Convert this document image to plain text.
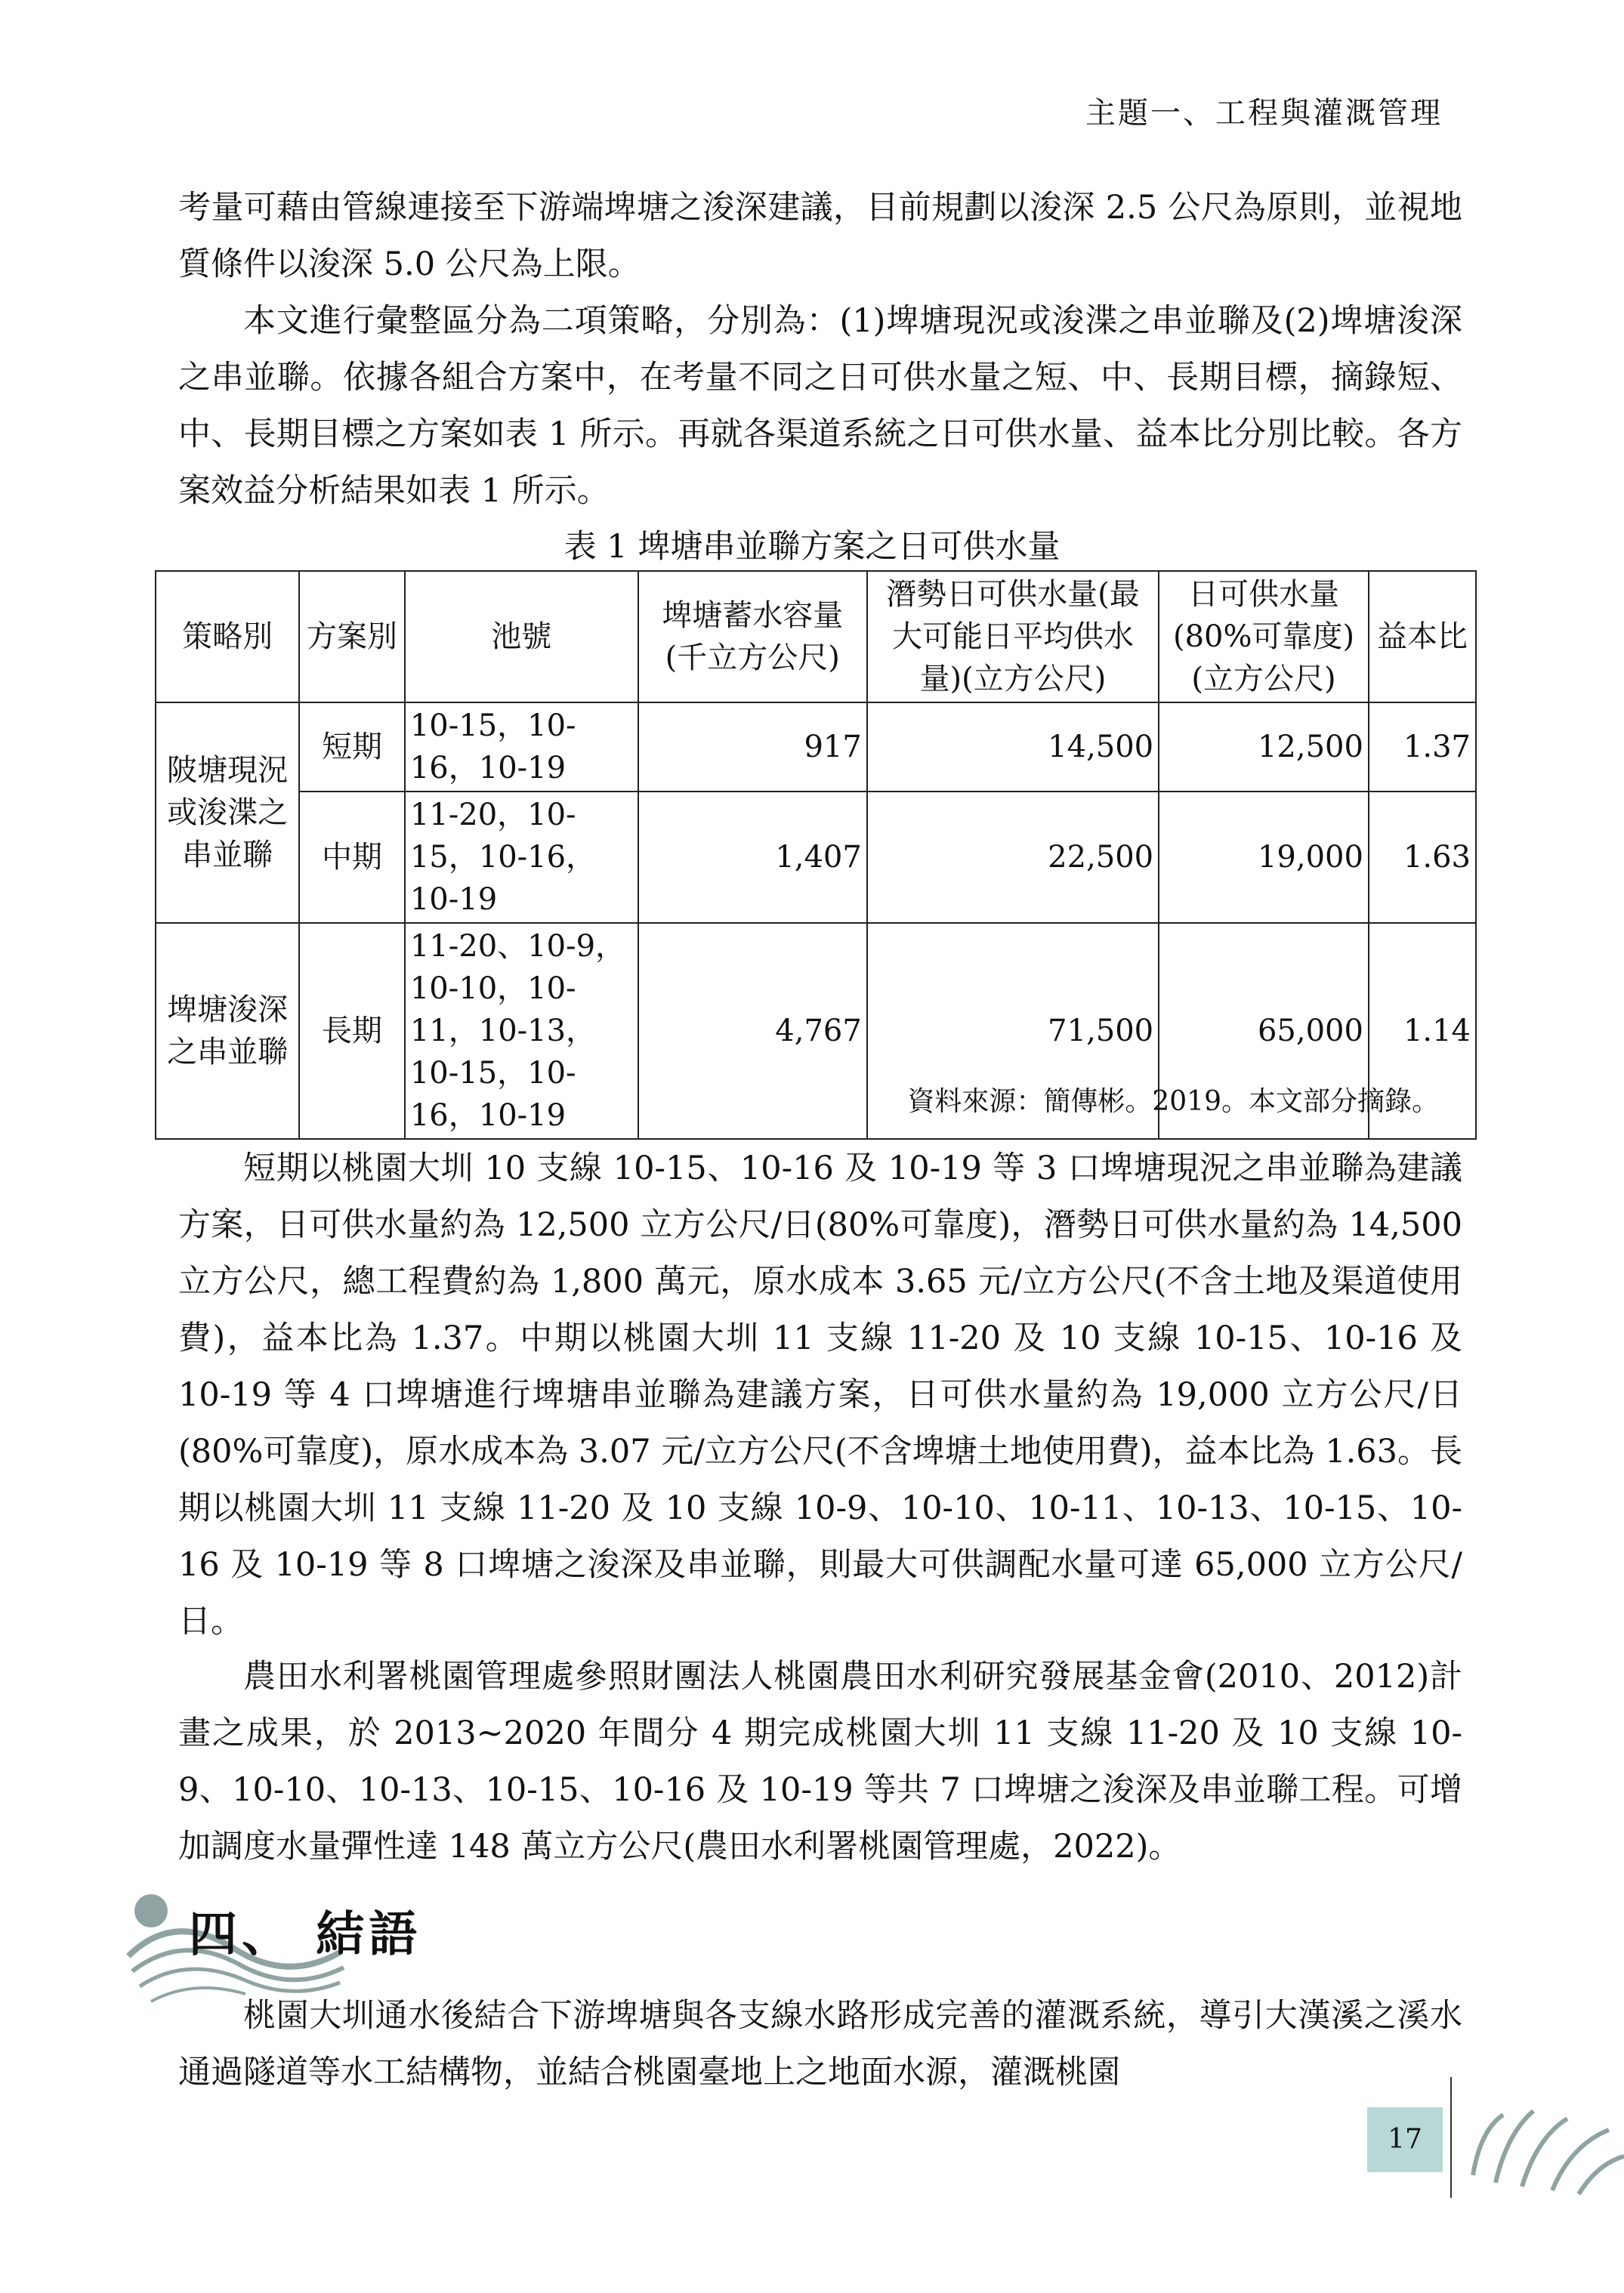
主題一、工程與灌溉管理

考量可藉由管線連接至下游端埤塘之浚深建議，目前規劃以浚深 2.5 公尺為原則，並視地質條件以浚深 5.0 公尺為上限。

本文進行彙整區分為二項策略，分別為：(1)埤塘現況或浚渫之串並聯及(2)埤塘浚深之串並聯。依據各組合方案中，在考量不同之日可供水量之短、中、長期目標，摘錄短、中、長期目標之方案如表 1 所示。再就各渠道系統之日可供水量、益本比分別比較。各方案效益分析結果如表 1 所示。

表 1 埤塘串並聯方案之日可供水量
策略別	方案別	池號	埤塘蓄水容量(千立方公尺)	潛勢日可供水量(最大可能日平均供水量)(立方公尺)	日可供水量(80%可靠度)(立方公尺)	益本比
陂塘現況或浚渫之串並聯	短期	10-15，10-16，10-19	917	14,500	12,500	1.37
	中期	11-20，10-15，10-16，10-19	1,407	22,500	19,000	1.63
埤塘浚深之串並聯	長期	11-20、10-9，10-10，10-11，10-13，10-15，10-16，10-19	4,767	71,500	65,000	1.14
資料來源：簡傳彬。2019。本文部分摘錄。

短期以桃園大圳 10 支線 10-15、10-16 及 10-19 等 3 口埤塘現況之串並聯為建議方案，日可供水量約為 12,500 立方公尺/日(80%可靠度)，潛勢日可供水量約為 14,500 立方公尺，總工程費約為 1,800 萬元，原水成本 3.65 元/立方公尺(不含土地及渠道使用費)，益本比為 1.37。中期以桃園大圳 11 支線 11-20 及 10 支線 10-15、10-16 及 10-19 等 4 口埤塘進行埤塘串並聯為建議方案，日可供水量約為 19,000 立方公尺/日(80%可靠度)，原水成本為 3.07 元/立方公尺(不含埤塘土地使用費)，益本比為 1.63。長期以桃園大圳 11 支線 11-20 及 10 支線 10-9、10-10、10-11、10-13、10-15、10-16 及 10-19 等 8 口埤塘之浚深及串並聯，則最大可供調配水量可達 65,000 立方公尺/日。

農田水利署桃園管理處參照財團法人桃園農田水利研究發展基金會(2010、2012)計畫之成果，於 2013~2020 年間分 4 期完成桃園大圳 11 支線 11-20 及 10 支線 10-9、10-10、10-13、10-15、10-16 及 10-19 等共 7 口埤塘之浚深及串並聯工程。可增加調度水量彈性達 148 萬立方公尺(農田水利署桃園管理處，2022)。

四、 結語

桃園大圳通水後結合下游埤塘與各支線水路形成完善的灌溉系統，導引大漢溪之溪水通過隧道等水工結構物，並結合桃園臺地上之地面水源，灌溉桃園

17
